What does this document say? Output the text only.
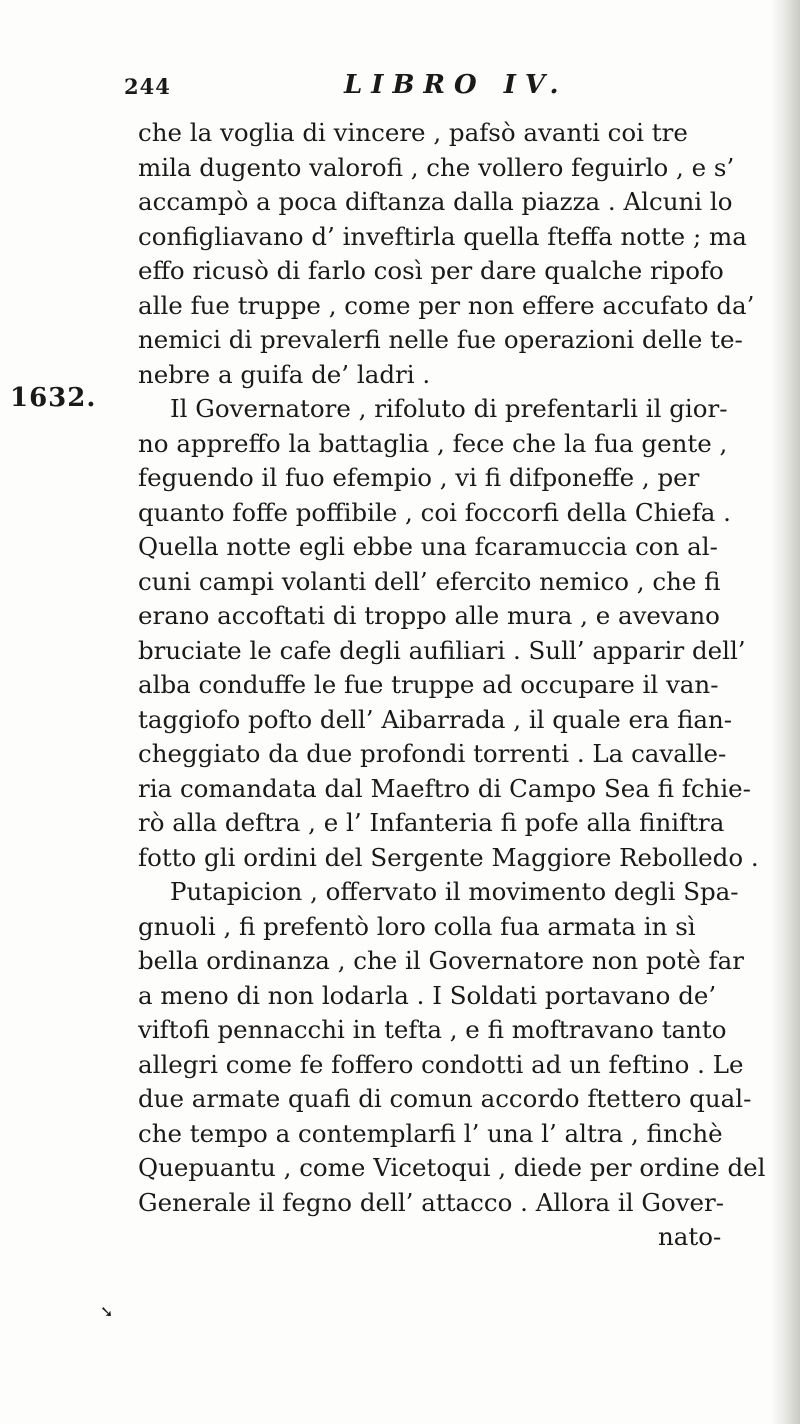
244	LIBRO IV.
1632.
➘
che la voglia di vincere , pafsò avanti coi tre
mila dugento valorofi , che vollero feguirlo , e s’
accampò a poca diftanza dalla piazza . Alcuni lo
configliavano d’ inveftirla quella fteffa notte ; ma
effo ricusò di farlo così per dare qualche ripofo
alle fue truppe , come per non effere accufato da’
nemici di prevalerfi nelle fue operazioni delle te-
nebre a guifa de’ ladri .
Il Governatore , rifoluto di prefentarli il gior-
no appreffo la battaglia , fece che la fua gente ,
feguendo il fuo efempio , vi fi difponeffe , per
quanto foffe poffibile , coi foccorfi della Chiefa .
Quella notte egli ebbe una fcaramuccia con al-
cuni campi volanti dell’ efercito nemico , che fi
erano accoftati di troppo alle mura , e avevano
bruciate le cafe degli aufiliari . Sull’ apparir dell’
alba conduffe le fue truppe ad occupare il van-
taggiofo pofto dell’ Aibarrada , il quale era fian-
cheggiato da due profondi torrenti . La cavalle-
ria comandata dal Maeftro di Campo Sea fi fchie-
rò alla deftra , e l’ Infanteria fi pofe alla finiftra
fotto gli ordini del Sergente Maggiore Rebolledo .
Putapicion , offervato il movimento degli Spa-
gnuoli , fi prefentò loro colla fua armata in sì
bella ordinanza , che il Governatore non potè far
a meno di non lodarla . I Soldati portavano de’
viftofi pennacchi in tefta , e fi moftravano tanto
allegri come fe foffero condotti ad un feftino . Le
due armate quafi di comun accordo ftettero qual-
che tempo a contemplarfi l’ una l’ altra , finchè
Quepuantu , come Vicetoqui , diede per ordine del
Generale il fegno dell’ attacco . Allora il Gover-
nato-
